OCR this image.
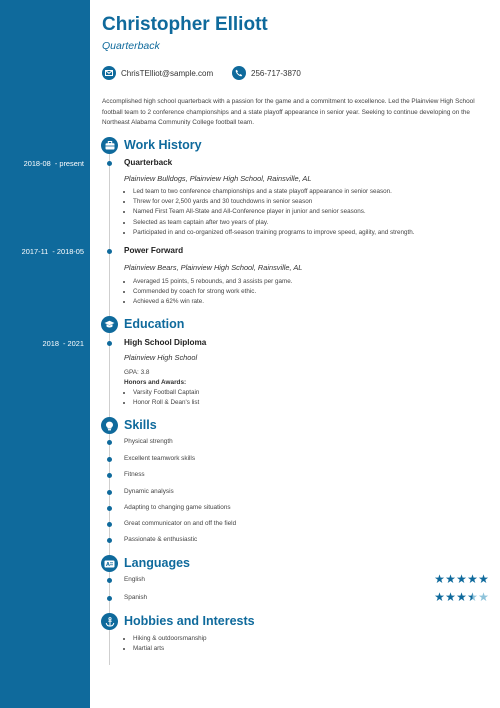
Christopher Elliott
Quarterback
ChrisTElliot@sample.com	256-717-3870
Accomplished high school quarterback with a passion for the game and a commitment to excellence. Led the Plainview High School football team to 2 conference championships and a state playoff appearance in senior year. Seeking to continue developing on the Northeast Alabama Community College football team.
Work History
2018-08  - present	Quarterback
Plainview Bulldogs, Plainview High School, Rainsville, AL
• Led team to two conference championships and a state playoff appearance in senior season.
• Threw for over 2,500 yards and 30 touchdowns in senior season
• Named First Team All-State and All-Conference player in junior and senior seasons.
• Selected as team captain after two years of play.
• Participated in and co-organized off-season training programs to improve speed, agility, and strength.
2017-11  - 2018-05	Power Forward
Plainview Bears, Plainview High School, Rainsville, AL
• Averaged 15 points, 5 rebounds, and 3 assists per game.
• Commended by coach for strong work ethic.
• Achieved a 62% win rate.
Education
2018  - 2021	High School Diploma
Plainview High School
GPA: 3.8
Honors and Awards:
• Varsity Football Captain
• Honor Roll & Dean's list
Skills
Physical strength
Excellent teamwork skills
Fitness
Dynamic analysis
Adapting to changing game situations
Great communicator on and off the field
Passionate & enthusiastic
A Languages
English	★ ★ ★ ★ ★
Spanish	★ ★ ★ ★ ★
Hobbies and Interests
• Hiking & outdoorsmanship
• Martial arts
